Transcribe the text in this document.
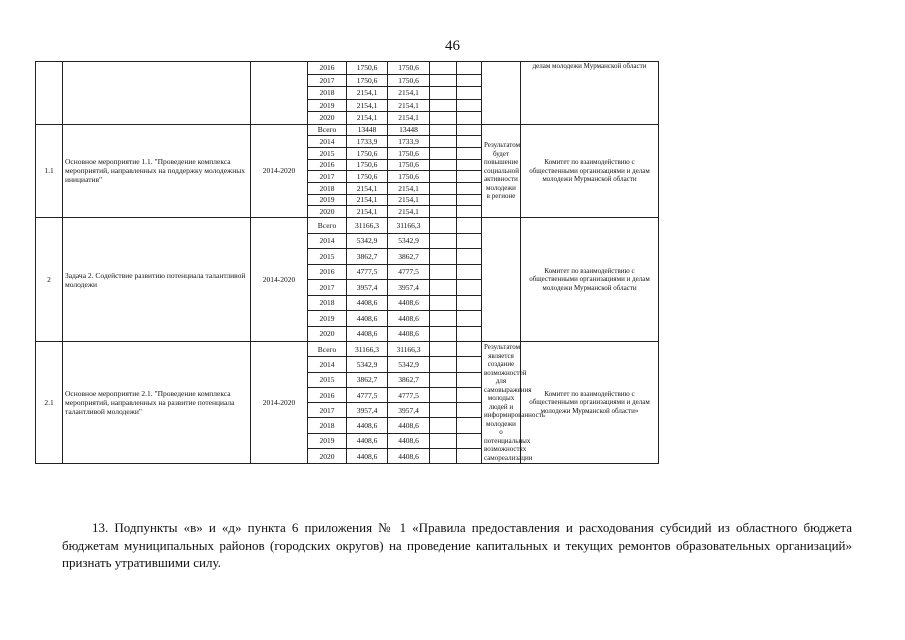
46
			2016	1750,6	1750,6				делам молодежи Мурманской области
			2017	1750,6	1750,6				
			2018	2154,1	2154,1				
			2019	2154,1	2154,1				
			2020	2154,1	2154,1				
1.1	Основное мероприятие 1.1. "Проведение комплекса мероприятий, направленных на поддержку молодежных инициатив"	2014-2020	Всего	13448	13448			Результатом будет повышение социальной активности молодежи в регионе	Комитет по взаимодействию с общественными организациями и делам молодежи Мурманской области
			2014	1733,9	1733,9				
			2015	1750,6	1750,6				
			2016	1750,6	1750,6				
			2017	1750,6	1750,6				
			2018	2154,1	2154,1				
			2019	2154,1	2154,1				
			2020	2154,1	2154,1				
2	Задача 2. Содействие развитию потенциала талантливой молодежи	2014-2020	Всего	31166,3	31166,3				Комитет по взаимодействию с общественными организациями и делам молодежи Мурманской области
			2014	5342,9	5342,9				
			2015	3862,7	3862,7				
			2016	4777,5	4777,5				
			2017	3957,4	3957,4				
			2018	4408,6	4408,6				
			2019	4408,6	4408,6				
			2020	4408,6	4408,6				
2.1	Основное мероприятие 2.1. "Проведение комплекса мероприятий, направленных на развитие потенциала талантливой молодежи"	2014-2020	Всего	31166,3	31166,3			Результатом является создание возможностей для самовыражения молодых людей и информированность молодежи о потенциальных возможностях самореализации	Комитет по взаимодействию с общественными организациями и делам молодежи Мурманской области»
			2014	5342,9	5342,9				
			2015	3862,7	3862,7				
			2016	4777,5	4777,5				
			2017	3957,4	3957,4				
			2018	4408,6	4408,6				
			2019	4408,6	4408,6				
			2020	4408,6	4408,6				
13. Подпункты «в» и «д» пункта 6 приложения № 1 «Правила предоставления и расходования субсидий из областного бюджета бюджетам муниципальных районов (городских округов) на проведение капитальных и текущих ремонтов образовательных организаций» признать утратившими силу.
